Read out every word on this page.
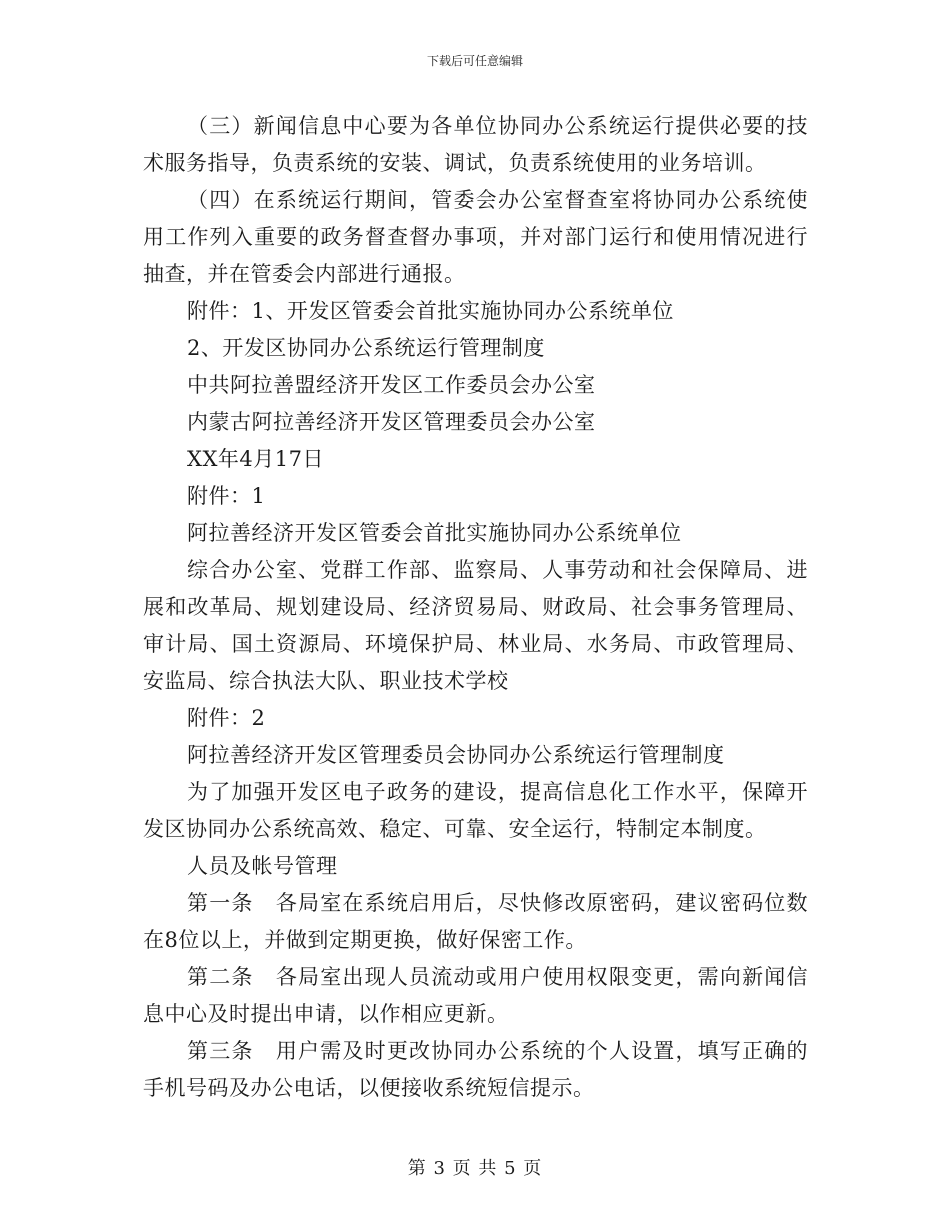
下载后可任意编辑

（三）新闻信息中心要为各单位协同办公系统运行提供必要的技术服务指导，负责系统的安装、调试，负责系统使用的业务培训。

（四）在系统运行期间，管委会办公室督查室将协同办公系统使用工作列入重要的政务督查督办事项，并对部门运行和使用情况进行抽查，并在管委会内部进行通报。

附件：1、开发区管委会首批实施协同办公系统单位

2、开发区协同办公系统运行管理制度

中共阿拉善盟经济开发区工作委员会办公室

内蒙古阿拉善经济开发区管理委员会办公室

XX年4月17日

附件：1

阿拉善经济开发区管委会首批实施协同办公系统单位

综合办公室、党群工作部、监察局、人事劳动和社会保障局、进展和改革局、规划建设局、经济贸易局、财政局、社会事务管理局、审计局、国土资源局、环境保护局、林业局、水务局、市政管理局、安监局、综合执法大队、职业技术学校

附件：2

阿拉善经济开发区管理委员会协同办公系统运行管理制度

为了加强开发区电子政务的建设，提高信息化工作水平，保障开发区协同办公系统高效、稳定、可靠、安全运行，特制定本制度。

人员及帐号管理

第一条　各局室在系统启用后，尽快修改原密码，建议密码位数在8位以上，并做到定期更换，做好保密工作。

第二条　各局室出现人员流动或用户使用权限变更，需向新闻信息中心及时提出申请，以作相应更新。

第三条　用户需及时更改协同办公系统的个人设置，填写正确的手机号码及办公电话，以便接收系统短信提示。

第 3 页 共 5 页
